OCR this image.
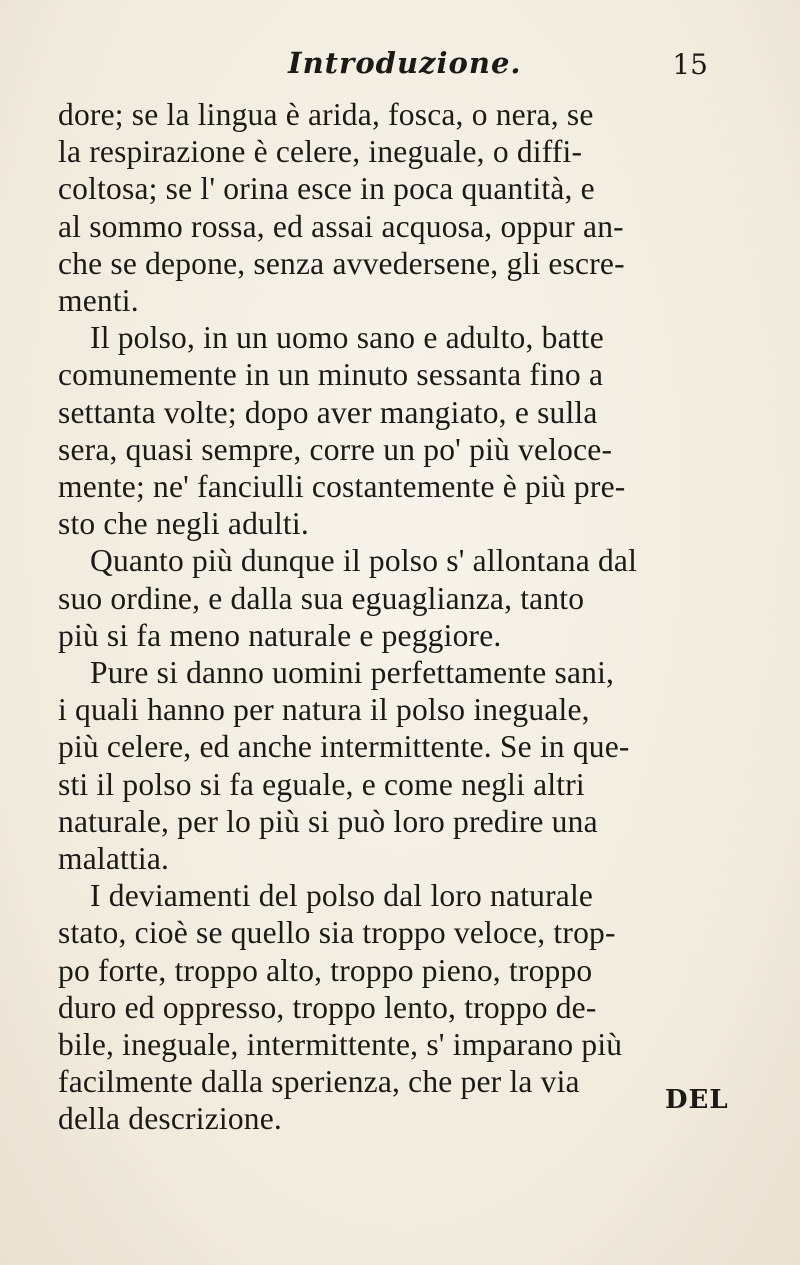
Introduzione.	15
dore; se la lingua è arida, fosca, o nera, se
la respirazione è celere, ineguale, o diffi-
coltosa; se l' orina esce in poca quantità, e
al sommo rossa, ed assai acquosa, oppur an-
che se depone, senza avvedersene, gli escre-
menti.
Il polso, in un uomo sano e adulto, batte
comunemente in un minuto sessanta fino a
settanta volte; dopo aver mangiato, e sulla
sera, quasi sempre, corre un po' più veloce-
mente; ne' fanciulli costantemente è più pre-
sto che negli adulti.
Quanto più dunque il polso s' allontana dal
suo ordine, e dalla sua eguaglianza, tanto
più si fa meno naturale e peggiore.
Pure si danno uomini perfettamente sani,
i quali hanno per natura il polso ineguale,
più celere, ed anche intermittente. Se in que-
sti il polso si fa eguale, e come negli altri
naturale, per lo più si può loro predire una
malattia.
I deviamenti del polso dal loro naturale
stato, cioè se quello sia troppo veloce, trop-
po forte, troppo alto, troppo pieno, troppo
duro ed oppresso, troppo lento, troppo de-
bile, ineguale, intermittente, s' imparano più
facilmente dalla sperienza, che per la via
della descrizione.
DEL
